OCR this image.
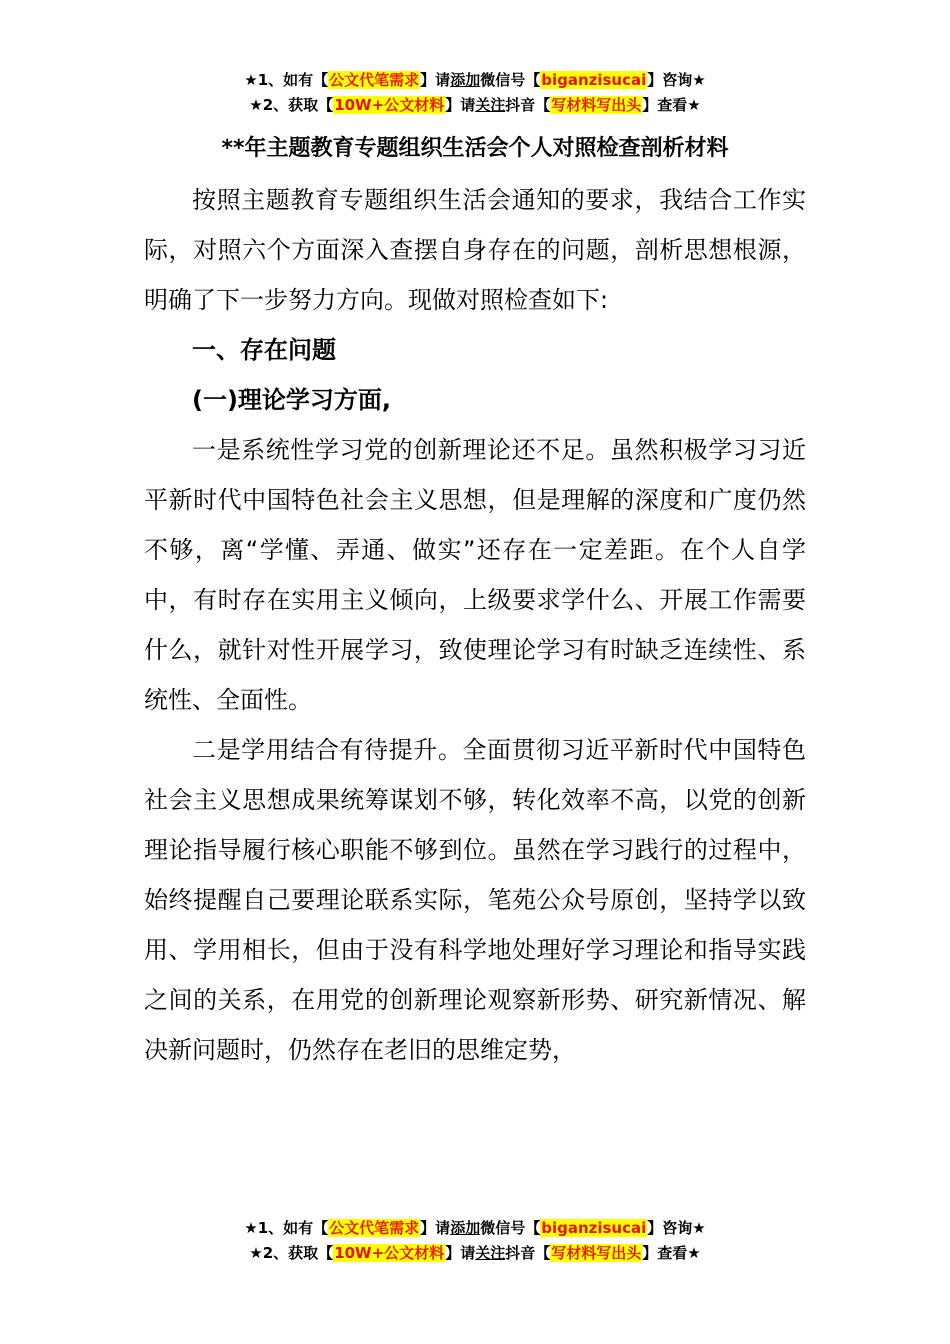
★1、如有【公文代笔需求】请添加微信号【biganzisucai】咨询★
★2、获取【10W+公文材料】请关注抖音【写材料写出头】查看★
**年主题教育专题组织生活会个人对照检查剖析材料

按照主题教育专题组织生活会通知的要求，我结合工作实际，对照六个方面深入查摆自身存在的问题，剖析思想根源，明确了下一步努力方向。现做对照检查如下:

一、存在问题

(一)理论学习方面,

一是系统性学习党的创新理论还不足。虽然积极学习习近平新时代中国特色社会主义思想，但是理解的深度和广度仍然不够，离“学懂、弄通、做实”还存在一定差距。在个人自学中，有时存在实用主义倾向，上级要求学什么、开展工作需要什么，就针对性开展学习，致使理论学习有时缺乏连续性、系统性、全面性。

二是学用结合有待提升。全面贯彻习近平新时代中国特色社会主义思想成果统筹谋划不够，转化效率不高，以党的创新理论指导履行核心职能不够到位。虽然在学习践行的过程中，始终提醒自己要理论联系实际，笔苑公众号原创，坚持学以致用、学用相长，但由于没有科学地处理好学习理论和指导实践之间的关系，在用党的创新理论观察新形势、研究新情况、解决新问题时，仍然存在老旧的思维定势，

★1、如有【公文代笔需求】请添加微信号【biganzisucai】咨询★
★2、获取【10W+公文材料】请关注抖音【写材料写出头】查看★
